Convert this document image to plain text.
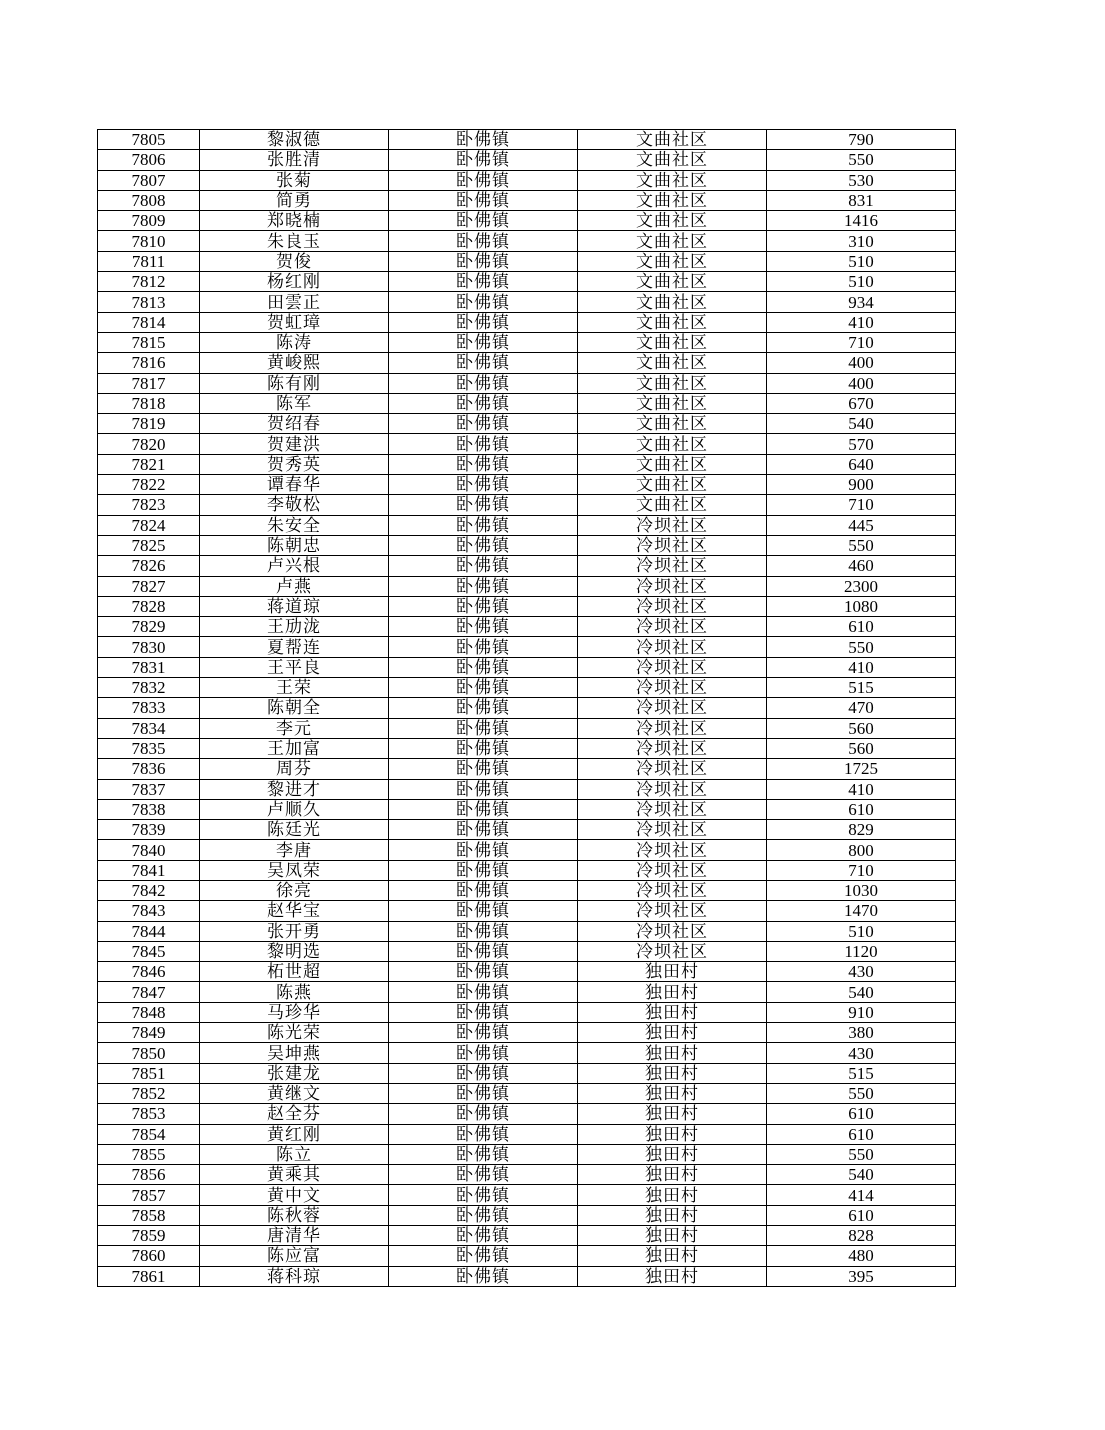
7805	黎淑德	卧佛镇	文曲社区	790
7806	张胜清	卧佛镇	文曲社区	550
7807	张菊	卧佛镇	文曲社区	530
7808	简勇	卧佛镇	文曲社区	831
7809	郑晓楠	卧佛镇	文曲社区	1416
7810	朱良玉	卧佛镇	文曲社区	310
7811	贺俊	卧佛镇	文曲社区	510
7812	杨红刚	卧佛镇	文曲社区	510
7813	田雲正	卧佛镇	文曲社区	934
7814	贺虹璋	卧佛镇	文曲社区	410
7815	陈涛	卧佛镇	文曲社区	710
7816	黄峻熙	卧佛镇	文曲社区	400
7817	陈有刚	卧佛镇	文曲社区	400
7818	陈军	卧佛镇	文曲社区	670
7819	贺绍春	卧佛镇	文曲社区	540
7820	贺建洪	卧佛镇	文曲社区	570
7821	贺秀英	卧佛镇	文曲社区	640
7822	谭春华	卧佛镇	文曲社区	900
7823	李敬松	卧佛镇	文曲社区	710
7824	朱安全	卧佛镇	冷坝社区	445
7825	陈朝忠	卧佛镇	冷坝社区	550
7826	卢兴根	卧佛镇	冷坝社区	460
7827	卢燕	卧佛镇	冷坝社区	2300
7828	蒋道琼	卧佛镇	冷坝社区	1080
7829	王劢泷	卧佛镇	冷坝社区	610
7830	夏帮连	卧佛镇	冷坝社区	550
7831	王平良	卧佛镇	冷坝社区	410
7832	王荣	卧佛镇	冷坝社区	515
7833	陈朝全	卧佛镇	冷坝社区	470
7834	李元	卧佛镇	冷坝社区	560
7835	王加富	卧佛镇	冷坝社区	560
7836	周芬	卧佛镇	冷坝社区	1725
7837	黎进才	卧佛镇	冷坝社区	410
7838	卢顺久	卧佛镇	冷坝社区	610
7839	陈廷光	卧佛镇	冷坝社区	829
7840	李唐	卧佛镇	冷坝社区	800
7841	吴凤荣	卧佛镇	冷坝社区	710
7842	徐亮	卧佛镇	冷坝社区	1030
7843	赵华宝	卧佛镇	冷坝社区	1470
7844	张开勇	卧佛镇	冷坝社区	510
7845	黎明选	卧佛镇	冷坝社区	1120
7846	柘世超	卧佛镇	独田村	430
7847	陈燕	卧佛镇	独田村	540
7848	马珍华	卧佛镇	独田村	910
7849	陈光荣	卧佛镇	独田村	380
7850	吴坤燕	卧佛镇	独田村	430
7851	张建龙	卧佛镇	独田村	515
7852	黄继文	卧佛镇	独田村	550
7853	赵全芬	卧佛镇	独田村	610
7854	黄红刚	卧佛镇	独田村	610
7855	陈立	卧佛镇	独田村	550
7856	黄乘其	卧佛镇	独田村	540
7857	黄中文	卧佛镇	独田村	414
7858	陈秋蓉	卧佛镇	独田村	610
7859	唐清华	卧佛镇	独田村	828
7860	陈应富	卧佛镇	独田村	480
7861	蒋科琼	卧佛镇	独田村	395
